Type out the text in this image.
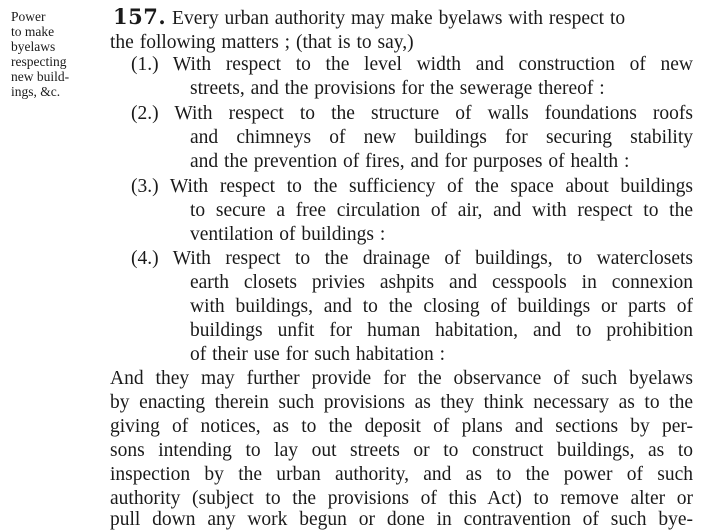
Power
to make
byelaws
respecting
new build-
ings, &c.
157. Every urban authority may make byelaws with respect to
the following matters ; (that is to say,)
(1.) With respect to the level width and construction of new
streets, and the provisions for the sewerage thereof :
(2.) With respect to the structure of walls foundations roofs
and chimneys of new buildings for securing stability
and the prevention of fires, and for purposes of health :
(3.) With respect to the sufficiency of the space about buildings
to secure a free circulation of air, and with respect to the
ventilation of buildings :
(4.) With respect to the drainage of buildings, to waterclosets
earth closets privies ashpits and cesspools in connexion
with buildings, and to the closing of buildings or parts of
buildings unfit for human habitation, and to prohibition
of their use for such habitation :
And they may further provide for the observance of such byelaws
by enacting therein such provisions as they think necessary as to the
giving of notices, as to the deposit of plans and sections by per-
sons intending to lay out streets or to construct buildings, as to
inspection by the urban authority, and as to the power of such
authority (subject to the provisions of this Act) to remove alter or
pull down any work begun or done in contravention of such bye-
